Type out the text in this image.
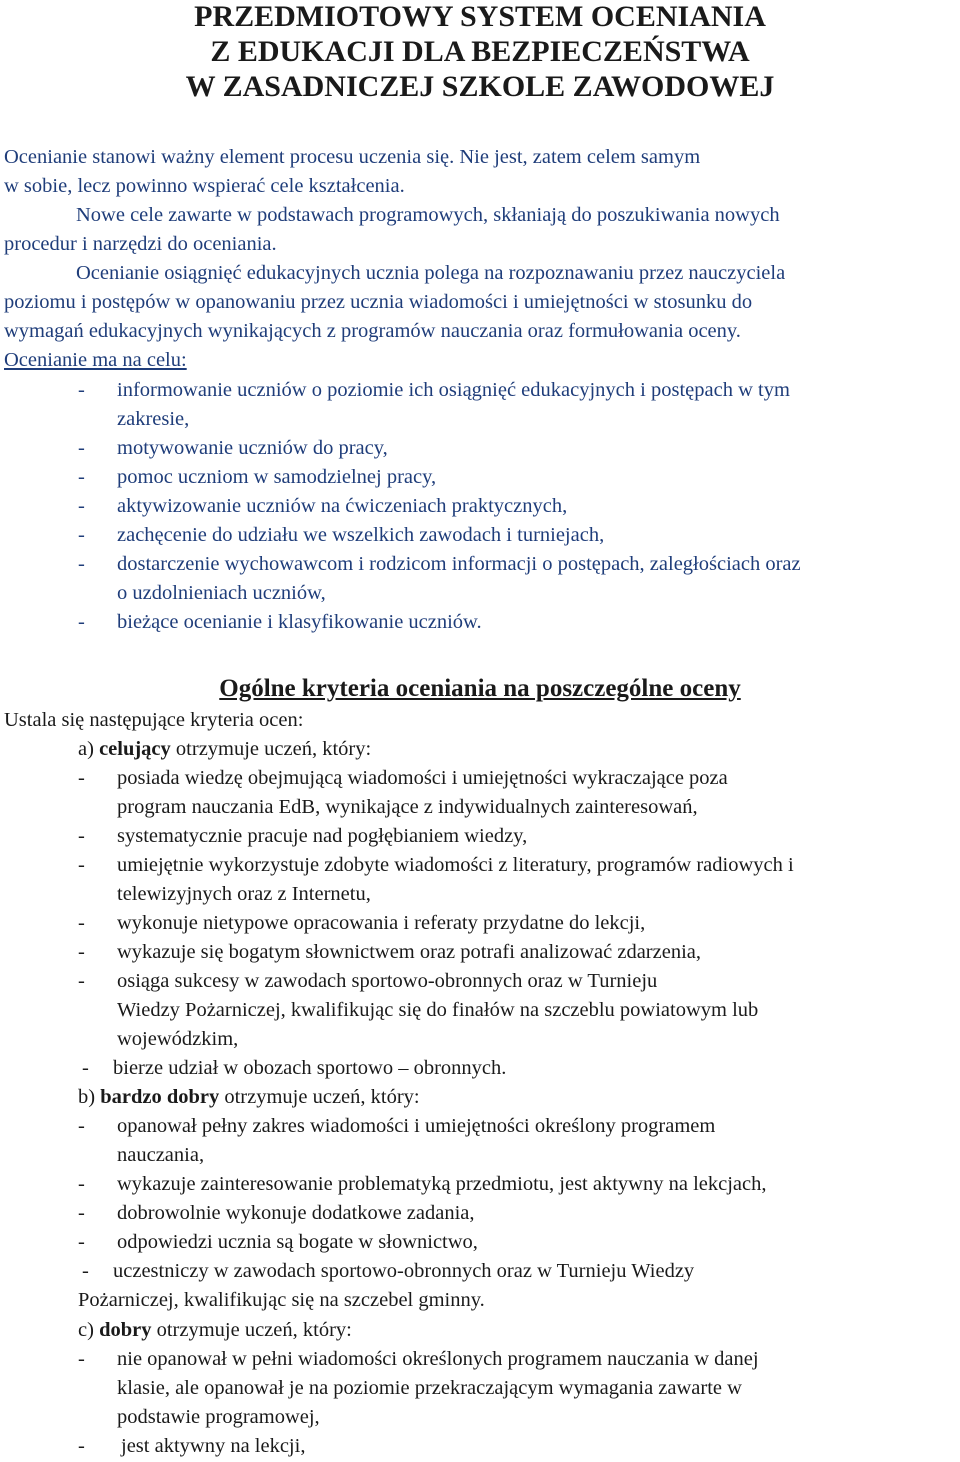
PRZEDMIOTOWY SYSTEM OCENIANIA
Z EDUKACJI DLA BEZPIECZEŃSTWA
W ZASADNICZEJ SZKOLE ZAWODOWEJ
Ocenianie stanowi ważny element procesu uczenia się. Nie jest, zatem celem samym
w sobie, lecz powinno wspierać cele kształcenia.
Nowe cele zawarte w podstawach programowych, skłaniają do poszukiwania nowych
procedur i narzędzi do oceniania.
Ocenianie osiągnięć edukacyjnych ucznia polega na rozpoznawaniu przez nauczyciela
poziomu i postępów w opanowaniu przez ucznia wiadomości i umiejętności w stosunku do
wymagań edukacyjnych wynikających z programów nauczania oraz formułowania oceny.
Ocenianie ma na celu:
- informowanie uczniów o poziomie ich osiągnięć edukacyjnych i postępach w tym
zakresie,
- motywowanie uczniów do pracy,
- pomoc uczniom w samodzielnej pracy,
- aktywizowanie uczniów na ćwiczeniach praktycznych,
- zachęcenie do udziału we wszelkich zawodach i turniejach,
- dostarczenie wychowawcom i rodzicom informacji o postępach, zaległościach oraz
o uzdolnieniach uczniów,
- bieżące ocenianie i klasyfikowanie uczniów.
Ogólne kryteria oceniania na poszczególne oceny
Ustala się następujące kryteria ocen:
a) celujący otrzymuje uczeń, który:
- posiada wiedzę obejmującą wiadomości i umiejętności wykraczające poza
program nauczania EdB, wynikające z indywidualnych zainteresowań,
- systematycznie pracuje nad pogłębianiem wiedzy,
- umiejętnie wykorzystuje zdobyte wiadomości z literatury, programów radiowych i
telewizyjnych oraz z Internetu,
- wykonuje nietypowe opracowania i referaty przydatne do lekcji,
- wykazuje się bogatym słownictwem oraz potrafi analizować zdarzenia,
- osiąga sukcesy w zawodach sportowo-obronnych oraz w Turnieju
Wiedzy Pożarniczej, kwalifikując się do finałów na szczeblu powiatowym lub
wojewódzkim,
- bierze udział w obozach sportowo – obronnych.
b) bardzo dobry otrzymuje uczeń, który:
- opanował pełny zakres wiadomości i umiejętności określony programem
nauczania,
- wykazuje zainteresowanie problematyką przedmiotu, jest aktywny na lekcjach,
- dobrowolnie wykonuje dodatkowe zadania,
- odpowiedzi ucznia są bogate w słownictwo,
- uczestniczy w zawodach sportowo-obronnych oraz w Turnieju Wiedzy
Pożarniczej, kwalifikując się na szczebel gminny.
c) dobry otrzymuje uczeń, który:
- nie opanował w pełni wiadomości określonych programem nauczania w danej
klasie, ale opanował je na poziomie przekraczającym wymagania zawarte w
podstawie programowej,
- jest aktywny na lekcji,
